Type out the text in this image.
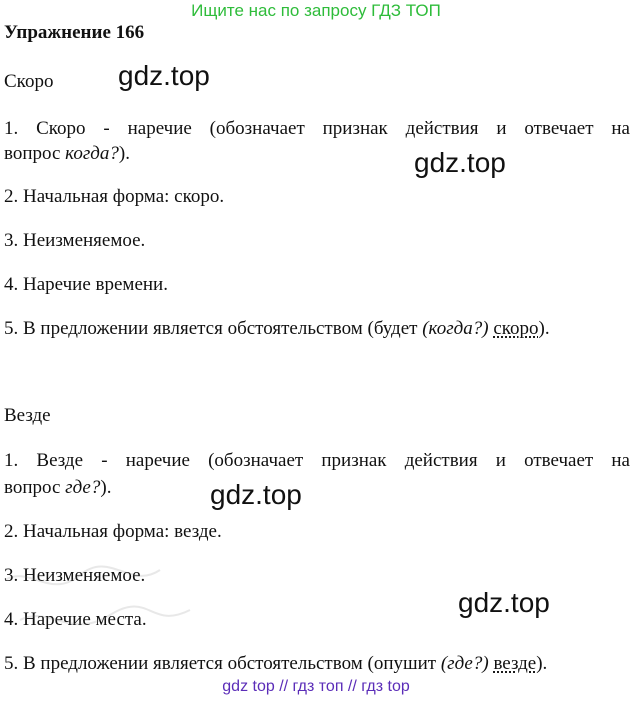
Ищите нас по запросу ГДЗ ТОП
Упражнение 166
Скоро gdz.top
1. Скоро - наречие (обозначает признак действия и отвечает на
вопрос когда?).	gdz.top
2. Начальная форма: скоро.
3. Неизменяемое.
4. Наречие времени.
5. В предложении является обстоятельством (будет (когда?) скоро).
Везде
1. Везде - наречие (обозначает признак действия и отвечает на
вопрос где?).	gdz.top
2. Начальная форма: везде.
3. Неизменяемое.
gdz.top
4. Наречие места.
5. В предложении является обстоятельством (опушит (где?) везде).
gdz top // гдз топ // гдз top
